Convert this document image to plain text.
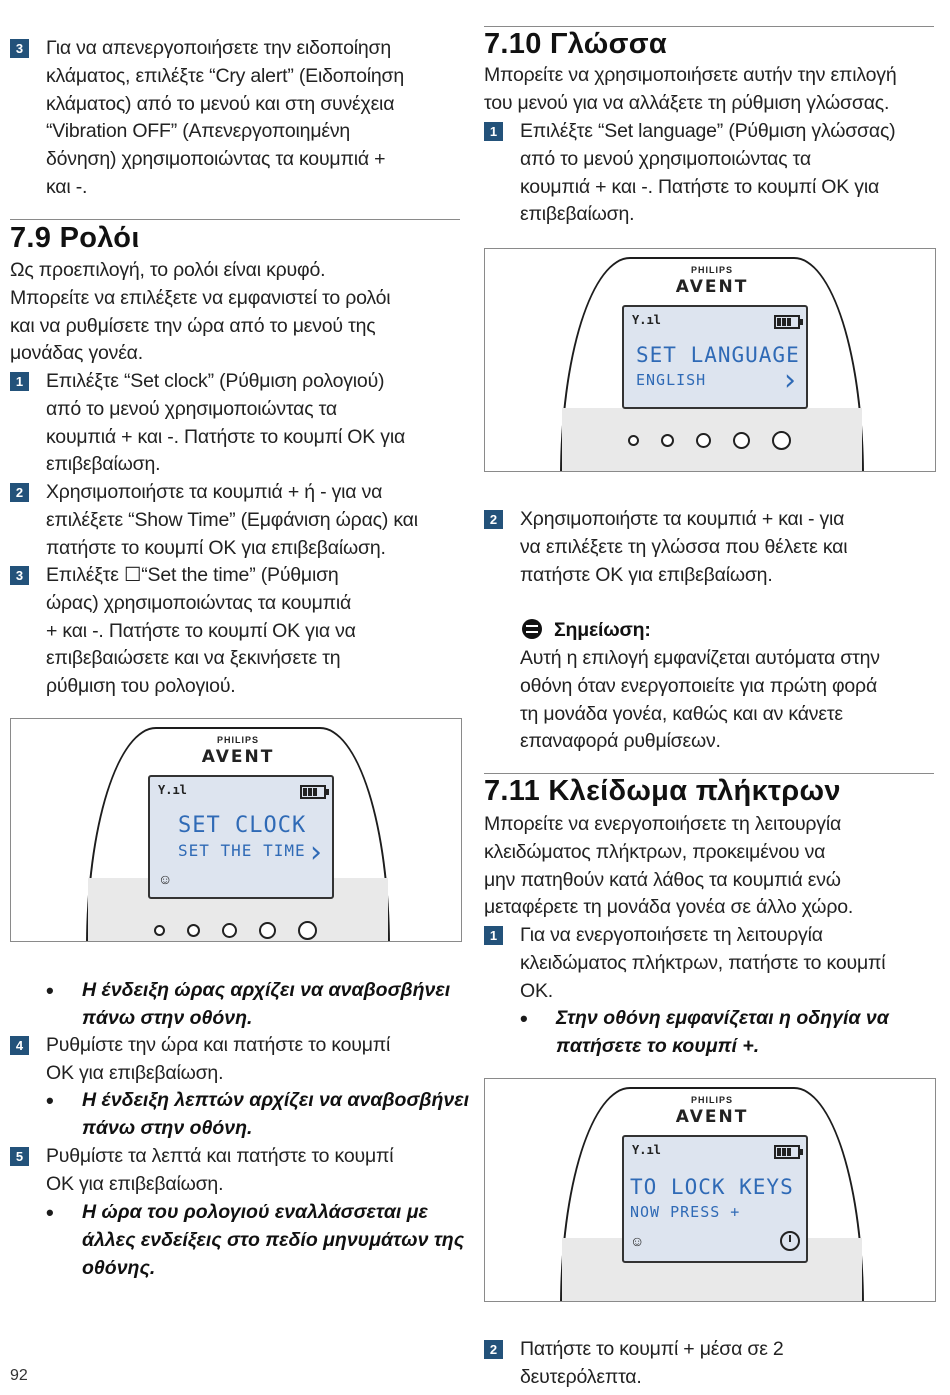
3	Για να απενεργοποιήσετε την ειδοποίηση
κλάματος, επιλέξτε “Cry alert” (Ειδοποίηση
κλάματος) από το μενού και στη συνέχεια
“Vibration OFF” (Απενεργοποιημένη
δόνηση) χρησιμοποιώντας τα κουμπιά +
και -.
7.9 Ρολόι
Ως προεπιλογή, το ρολόι είναι κρυφό.
Μπορείτε να επιλέξετε να εμφανιστεί το ρολόι
και να ρυθμίσετε την ώρα από το μενού της
μονάδας γονέα.
1	Επιλέξτε “Set clock” (Ρύθμιση ρολογιού)
από το μενού χρησιμοποιώντας τα
κουμπιά + και -. Πατήστε το κουμπί OK για
επιβεβαίωση.
2	Χρησιμοποιήστε τα κουμπιά + ή - για να
επιλέξετε “Show Time” (Εμφάνιση ώρας) και
πατήστε το κουμπί OK για επιβεβαίωση.
3	Επιλέξτε ☐“Set the time” (Ρύθμιση
ώρας) χρησιμοποιώντας τα κουμπιά
+ και -. Πατήστε το κουμπί OK για να
επιβεβαιώσετε και να ξεκινήσετε τη
ρύθμιση του ρολογιού.
PHILIPS
AVENT
Y.ıl
SET CLOCK
SET THE TIME ›
☺
• Η ένδειξη ώρας αρχίζει να αναβοσβήνει
πάνω στην οθόνη.
4	Ρυθμίστε την ώρα και πατήστε το κουμπί
OK για επιβεβαίωση.
• Η ένδειξη λεπτών αρχίζει να αναβοσβήνει
πάνω στην οθόνη.
5	Ρυθμίστε τα λεπτά και πατήστε το κουμπί
OK για επιβεβαίωση.
• Η ώρα του ρολογιού εναλλάσσεται με
άλλες ενδείξεις στο πεδίο μηνυμάτων της
οθόνης.
92
7.10 Γλώσσα
Μπορείτε να χρησιμοποιήσετε αυτήν την επιλογή
του μενού για να αλλάξετε τη ρύθμιση γλώσσας.
1	Επιλέξτε “Set language” (Ρύθμιση γλώσσας)
από το μενού χρησιμοποιώντας τα
κουμπιά + και -. Πατήστε το κουμπί OK για
επιβεβαίωση.
PHILIPS
AVENT
Y.ıl
SET LANGUAGE
ENGLISH	›
2	Χρησιμοποιήστε τα κουμπιά + και - για
να επιλέξετε τη γλώσσα που θέλετε και
πατήστε OK για επιβεβαίωση.
Σημείωση:
Αυτή η επιλογή εμφανίζεται αυτόματα στην
οθόνη όταν ενεργοποιείτε για πρώτη φορά
τη μονάδα γονέα, καθώς και αν κάνετε
επαναφορά ρυθμίσεων.
7.11 Κλείδωμα πλήκτρων
Μπορείτε να ενεργοποιήσετε τη λειτουργία
κλειδώματος πλήκτρων, προκειμένου να
μην πατηθούν κατά λάθος τα κουμπιά ενώ
μεταφέρετε τη μονάδα γονέα σε άλλο χώρο.
1	Για να ενεργοποιήσετε τη λειτουργία
κλειδώματος πλήκτρων, πατήστε το κουμπί
OK.
• Στην οθόνη εμφανίζεται η οδηγία να
πατήσετε το κουμπί +.
PHILIPS
AVENT
Y.ıl
TO LOCK KEYS
NOW PRESS +
☺
2	Πατήστε το κουμπί + μέσα σε 2
δευτερόλεπτα.
